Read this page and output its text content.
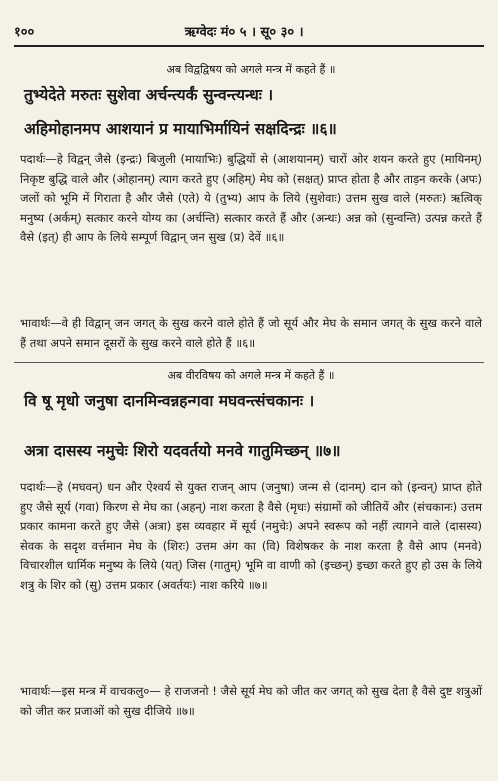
१००	ऋग्वेदः मं० ५ । सू० ३० ।
अब विद्वद्विषय को अगले मन्त्र में कहते हैं ॥
तुभ्येदेते मरुतः सुशेवा अर्चन्त्यर्कं सुन्वन्त्यन्धः ।
अहिमोहानमप आशयानं प्र मायाभिर्मायिनं सक्षदिन्द्रः ॥६॥
पदार्थः—हे विद्वन् जैसे (इन्द्रः) बिजुली (मायाभिः) बुद्धियों से (आशयानम्) चारों ओर शयन करते हुए (मायिनम्) निकृष्ट बुद्धि वाले और (ओहानम्) त्याग करते हुए (अहिम्) मेघ को (सक्षत्) प्राप्त होता है और ताड़न करके (अपः) जलों को भूमि में गिराता है और जैसे (एते) ये (तुभ्य) आप के लिये (सुशेवाः) उत्तम सुख वाले (मरुतः) ऋत्विक् मनुष्य (अर्कम्) सत्कार करने योग्य का (अर्चन्ति) सत्कार करते हैं और (अन्धः) अन्न को (सुन्वन्ति) उत्पन्न करते हैं वैसे (इत्) ही आप के लिये सम्पूर्ण विद्वान् जन सुख (प्र) देवें ॥६॥
भावार्थः—वे ही विद्वान् जन जगत् के सुख करने वाले होते हैं जो सूर्य और मेघ के समान जगत् के सुख करने वाले हैं तथा अपने समान दूसरों के सुख करने वाले होते हैं ॥६॥
अब वीरविषय को अगले मन्त्र में कहते हैं ॥
वि षू मृधो जनुषा दानमिन्वन्नहन्गवा मघवन्त्संचकानः ।
अत्रा दासस्य नमुचेः शिरो यदवर्तयो मनवे गातुमिच्छन् ॥७॥
पदार्थः—हे (मघवन्) धन और ऐश्वर्य से युक्त राजन् आप (जनुषा) जन्म से (दानम्) दान को (इन्वन्) प्राप्त होते हुए जैसे सूर्य (गवा) किरण से मेघ का (अहन्) नाश करता है वैसे (मृधः) संग्रामों को जीतियें और (संचकानः) उत्तम प्रकार कामना करते हुए जैसे (अत्रा) इस व्यवहार में सूर्य (नमुचेः) अपने स्वरूप को नहीं त्यागने वाले (दासस्य) सेवक के सदृश वर्त्तमान मेघ के (शिरः) उत्तम अंग का (वि) विशेषकर के नाश करता है वैसे आप (मनवे) विचारशील धार्मिक मनुष्य के लिये (यत्) जिस (गातुम्) भूमि वा वाणी को (इच्छन्) इच्छा करते हुए हो उस के लिये शत्रु के शिर को (सु) उत्तम प्रकार (अवर्तयः) नाश करिये ॥७॥
भावार्थः—इस मन्त्र में वाचकलु०— हे राजजनो ! जैसे सूर्य मेघ को जीत कर जगत् को सुख देता है वैसे दुष्ट शत्रुओं को जीत कर प्रजाओं को सुख दीजिये ॥७॥
